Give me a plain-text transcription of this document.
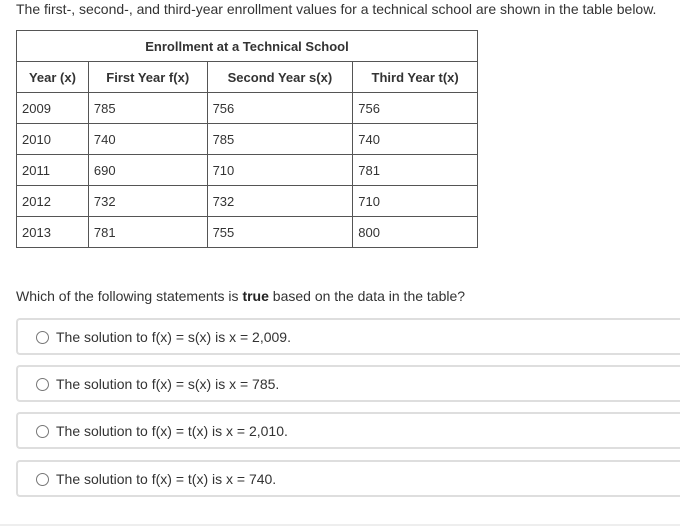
The first-, second-, and third-year enrollment values for a technical school are shown in the table below.
Enrollment at a Technical School			
Year (x)	First Year f(x)	Second Year s(x)	Third Year t(x)
2009	785	756	756
2010	740	785	740
2011	690	710	781
2012	732	732	710
2013	781	755	800
Which of the following statements is true based on the data in the table?
The solution to f(x) = s(x) is x = 2,009.
The solution to f(x) = s(x) is x = 785.
The solution to f(x) = t(x) is x = 2,010.
The solution to f(x) = t(x) is x = 740.
